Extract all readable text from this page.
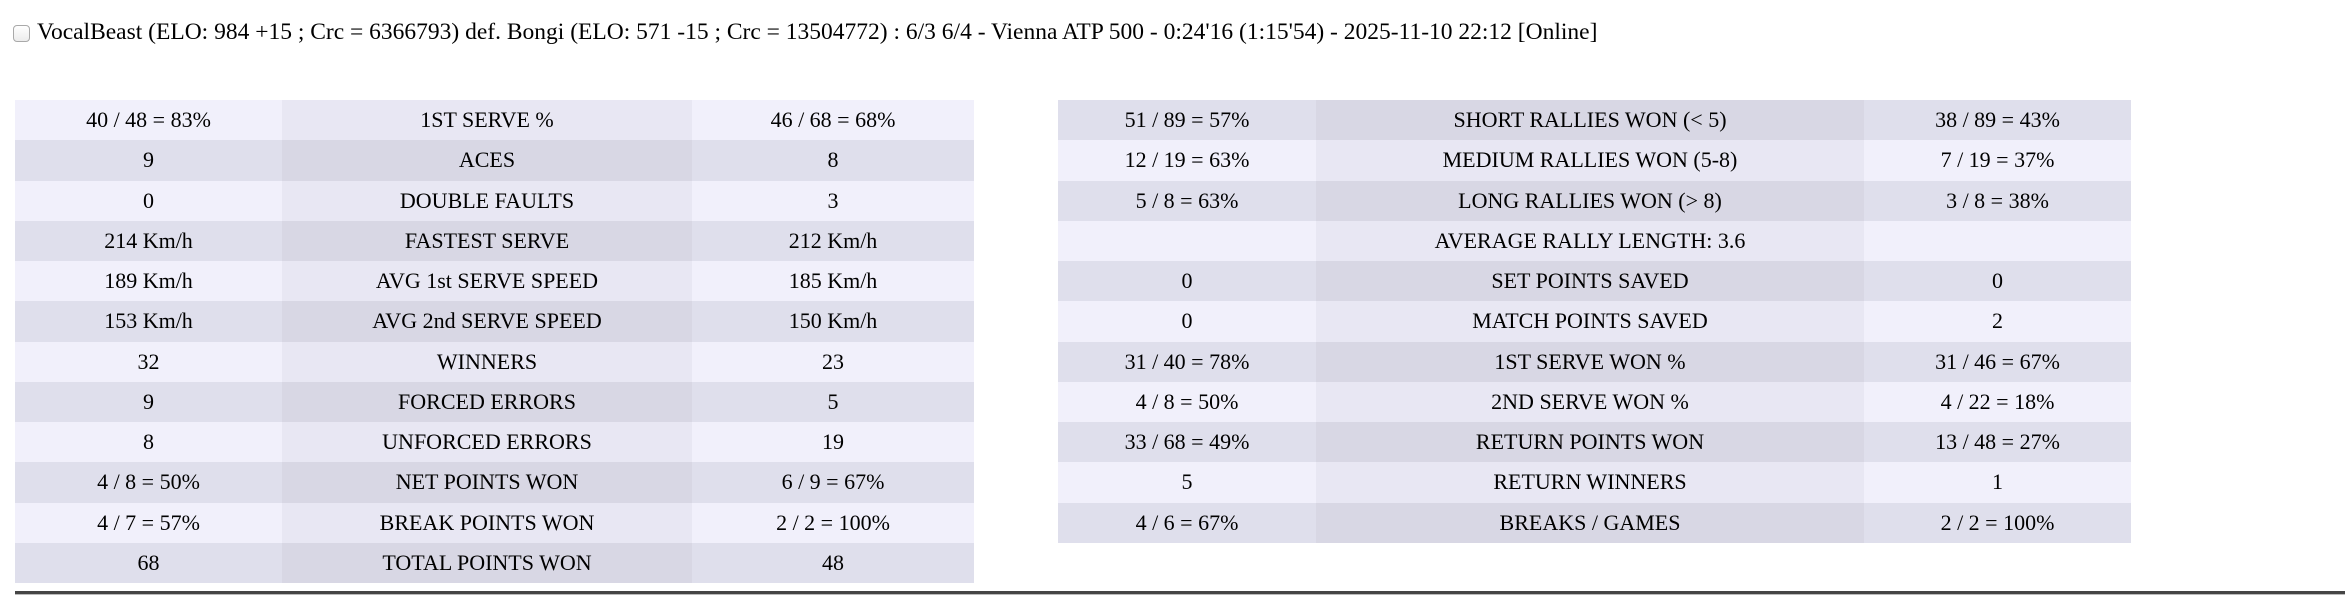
VocalBeast (ELO: 984 +15 ; Crc = 6366793) def. Bongi (ELO: 571 -15 ; Crc = 13504772) : 6/3 6/4 - Vienna ATP 500 - 0:24'16 (1:15'54) - 2025-11-10 22:12 [Online]
40 / 48 = 83%	1ST SERVE %	46 / 68 = 68%
9	ACES	8
0	DOUBLE FAULTS	3
214 Km/h	FASTEST SERVE	212 Km/h
189 Km/h	AVG 1st SERVE SPEED	185 Km/h
153 Km/h	AVG 2nd SERVE SPEED	150 Km/h
32	WINNERS	23
9	FORCED ERRORS	5
8	UNFORCED ERRORS	19
4 / 8 = 50%	NET POINTS WON	6 / 9 = 67%
4 / 7 = 57%	BREAK POINTS WON	2 / 2 = 100%
68	TOTAL POINTS WON	48
51 / 89 = 57%	SHORT RALLIES WON (< 5)	38 / 89 = 43%
12 / 19 = 63%	MEDIUM RALLIES WON (5-8)	7 / 19 = 37%
5 / 8 = 63%	LONG RALLIES WON (> 8)	3 / 8 = 38%
AVERAGE RALLY LENGTH: 3.6
0	SET POINTS SAVED	0
0	MATCH POINTS SAVED	2
31 / 40 = 78%	1ST SERVE WON %	31 / 46 = 67%
4 / 8 = 50%	2ND SERVE WON %	4 / 22 = 18%
33 / 68 = 49%	RETURN POINTS WON	13 / 48 = 27%
5	RETURN WINNERS	1
4 / 6 = 67%	BREAKS / GAMES	2 / 2 = 100%
